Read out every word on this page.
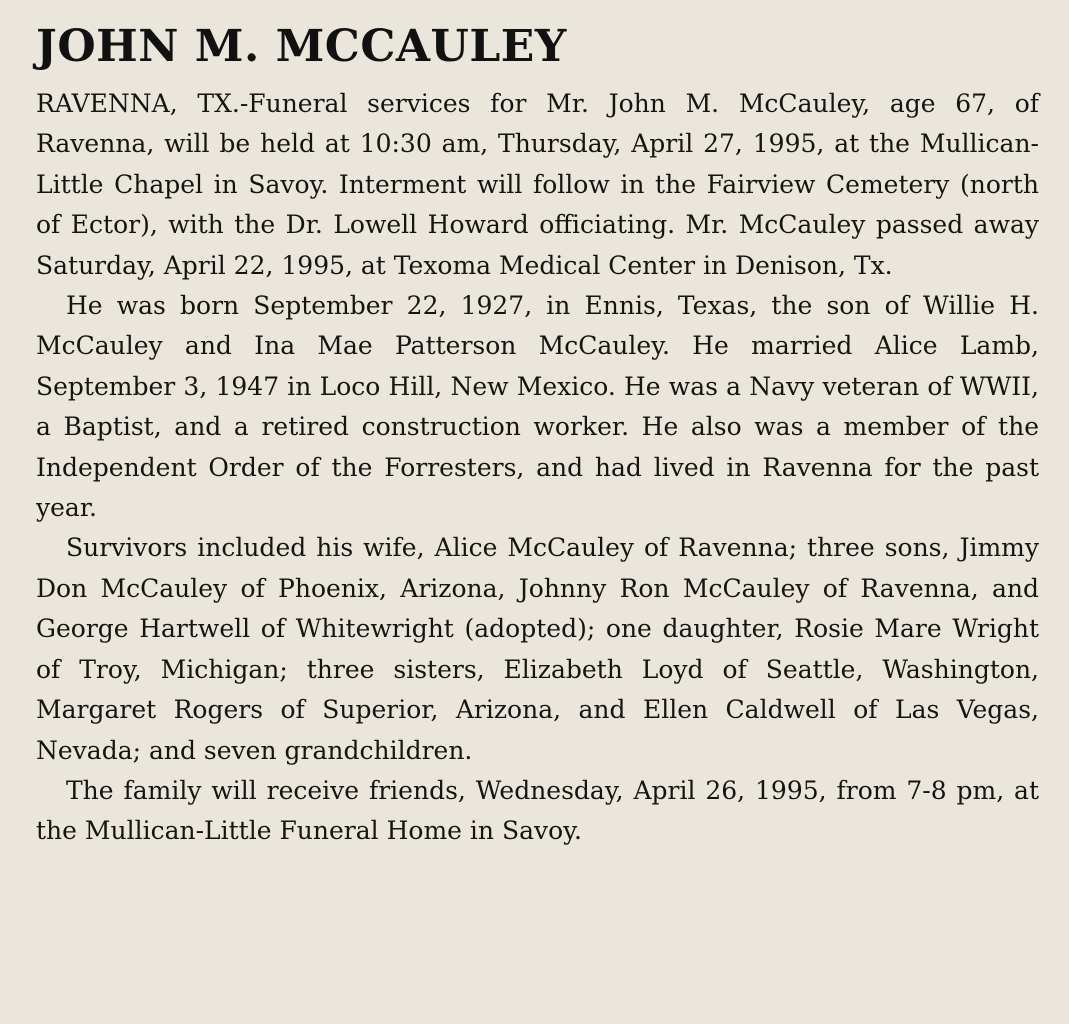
JOHN M. MCCAULEY

RAVENNA, TX.-Funeral services for Mr. John M. McCauley, age 67, of Ravenna, will be held at 10:30 am, Thursday, April 27, 1995, at the Mullican-Little Chapel in Savoy. Interment will follow in the Fairview Cemetery (north of Ector), with the Dr. Lowell Howard officiating. Mr. McCauley passed away Saturday, April 22, 1995, at Texoma Medical Center in Denison, Tx.

He was born September 22, 1927, in Ennis, Texas, the son of Willie H. McCauley and Ina Mae Patterson McCauley. He married Alice Lamb, September 3, 1947 in Loco Hill, New Mexico. He was a Navy veteran of WWII, a Baptist, and a retired construction worker. He also was a member of the Independent Order of the Forresters, and had lived in Ravenna for the past year.

Survivors included his wife, Alice McCauley of Ravenna; three sons, Jimmy Don McCauley of Phoenix, Arizona, Johnny Ron McCauley of Ravenna, and George Hartwell of Whitewright (adopted); one daughter, Rosie Mare Wright of Troy, Michigan; three sisters, Elizabeth Loyd of Seattle, Washington, Margaret Rogers of Superior, Arizona, and Ellen Caldwell of Las Vegas, Nevada; and seven grandchildren.

The family will receive friends, Wednesday, April 26, 1995, from 7-8 pm, at the Mullican-Little Funeral Home in Savoy.
